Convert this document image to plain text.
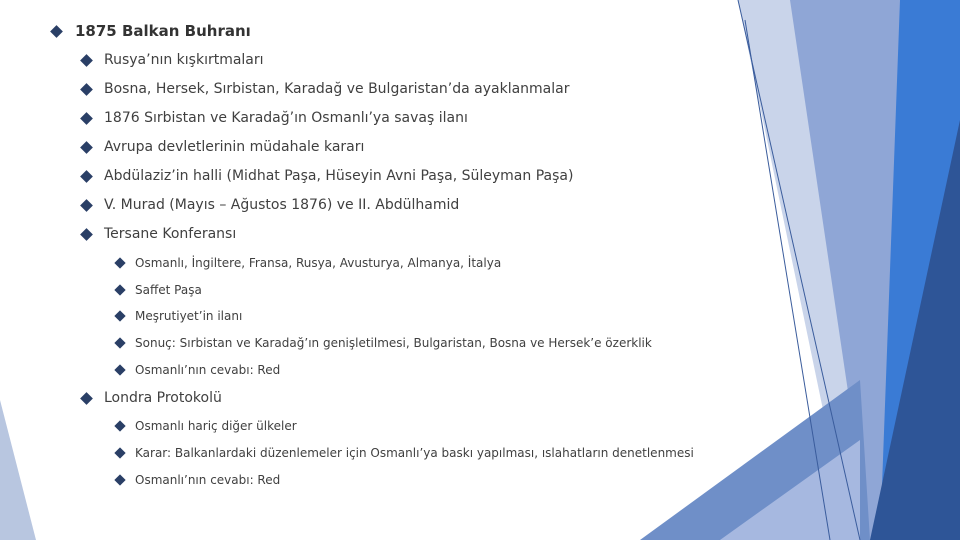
1875 Balkan Buhranı
Rusya’nın kışkırtmaları
Bosna, Hersek, Sırbistan, Karadağ ve Bulgaristan’da ayaklanmalar
1876 Sırbistan ve Karadağ’ın Osmanlı’ya savaş ilanı
Avrupa devletlerinin müdahale kararı
Abdülaziz’in halli (Midhat Paşa, Hüseyin Avni Paşa, Süleyman Paşa)
V. Murad (Mayıs – Ağustos 1876) ve II. Abdülhamid
Tersane Konferansı
Osmanlı, İngiltere, Fransa, Rusya, Avusturya, Almanya, İtalya
Saffet Paşa
Meşrutiyet’in ilanı
Sonuç: Sırbistan ve Karadağ’ın genişletilmesi, Bulgaristan, Bosna ve Hersek’e özerklik
Osmanlı’nın cevabı: Red
Londra Protokolü
Osmanlı hariç diğer ülkeler
Karar: Balkanlardaki düzenlemeler için Osmanlı’ya baskı yapılması, ıslahatların denetlenmesi
Osmanlı’nın cevabı: Red
